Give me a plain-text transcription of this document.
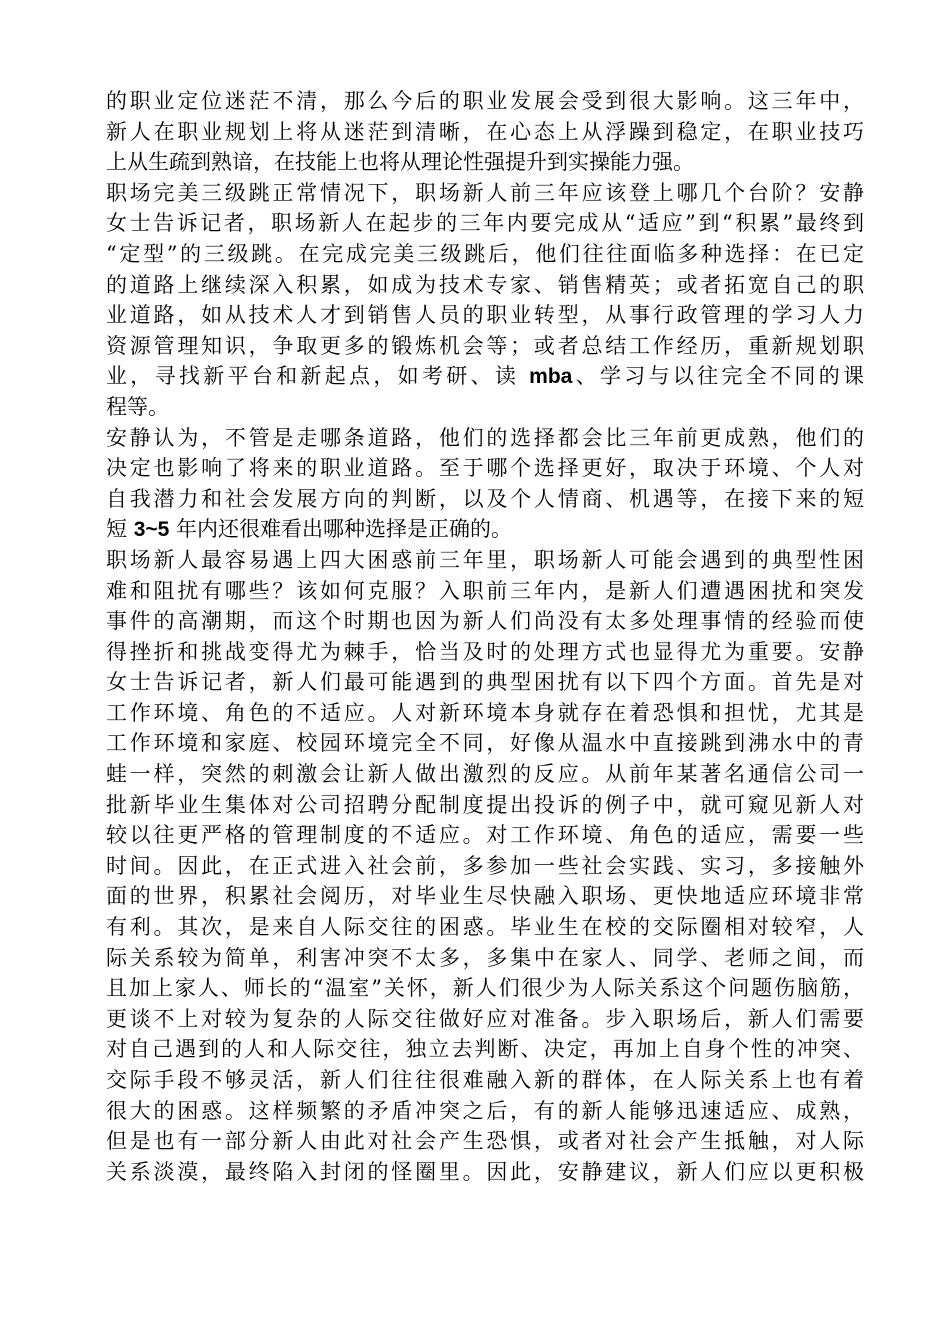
的职业定位迷茫不清，那么今后的职业发展会受到很大影响。这三年中，
新人在职业规划上将从迷茫到清晰，在心态上从浮躁到稳定，在职业技巧
上从生疏到熟谙，在技能上也将从理论性强提升到实操能力强。
职场完美三级跳正常情况下，职场新人前三年应该登上哪几个台阶？安静
女士告诉记者，职场新人在起步的三年内要完成从“适应”到“积累”最终到
“定型”的三级跳。在完成完美三级跳后，他们往往面临多种选择：在已定
的道路上继续深入积累，如成为技术专家、销售精英；或者拓宽自己的职
业道路，如从技术人才到销售人员的职业转型，从事行政管理的学习人力
资源管理知识，争取更多的锻炼机会等；或者总结工作经历，重新规划职
业，寻找新平台和新起点，如考研、读 mba、学习与以往完全不同的课
程等。
安静认为，不管是走哪条道路，他们的选择都会比三年前更成熟，他们的
决定也影响了将来的职业道路。至于哪个选择更好，取决于环境、个人对
自我潜力和社会发展方向的判断，以及个人情商、机遇等，在接下来的短
短 3~5 年内还很难看出哪种选择是正确的。
职场新人最容易遇上四大困惑前三年里，职场新人可能会遇到的典型性困
难和阻扰有哪些？该如何克服？入职前三年内，是新人们遭遇困扰和突发
事件的高潮期，而这个时期也因为新人们尚没有太多处理事情的经验而使
得挫折和挑战变得尤为棘手，恰当及时的处理方式也显得尤为重要。安静
女士告诉记者，新人们最可能遇到的典型困扰有以下四个方面。首先是对
工作环境、角色的不适应。人对新环境本身就存在着恐惧和担忧，尤其是
工作环境和家庭、校园环境完全不同，好像从温水中直接跳到沸水中的青
蛙一样，突然的刺激会让新人做出激烈的反应。从前年某著名通信公司一
批新毕业生集体对公司招聘分配制度提出投诉的例子中，就可窥见新人对
较以往更严格的管理制度的不适应。对工作环境、角色的适应，需要一些
时间。因此，在正式进入社会前，多参加一些社会实践、实习，多接触外
面的世界，积累社会阅历，对毕业生尽快融入职场、更快地适应环境非常
有利。其次，是来自人际交往的困惑。毕业生在校的交际圈相对较窄，人
际关系较为简单，利害冲突不太多，多集中在家人、同学、老师之间，而
且加上家人、师长的“温室”关怀，新人们很少为人际关系这个问题伤脑筋，
更谈不上对较为复杂的人际交往做好应对准备。步入职场后，新人们需要
对自己遇到的人和人际交往，独立去判断、决定，再加上自身个性的冲突、
交际手段不够灵活，新人们往往很难融入新的群体，在人际关系上也有着
很大的困惑。这样频繁的矛盾冲突之后，有的新人能够迅速适应、成熟，
但是也有一部分新人由此对社会产生恐惧，或者对社会产生抵触，对人际
关系淡漠，最终陷入封闭的怪圈里。因此，安静建议，新人们应以更积极
